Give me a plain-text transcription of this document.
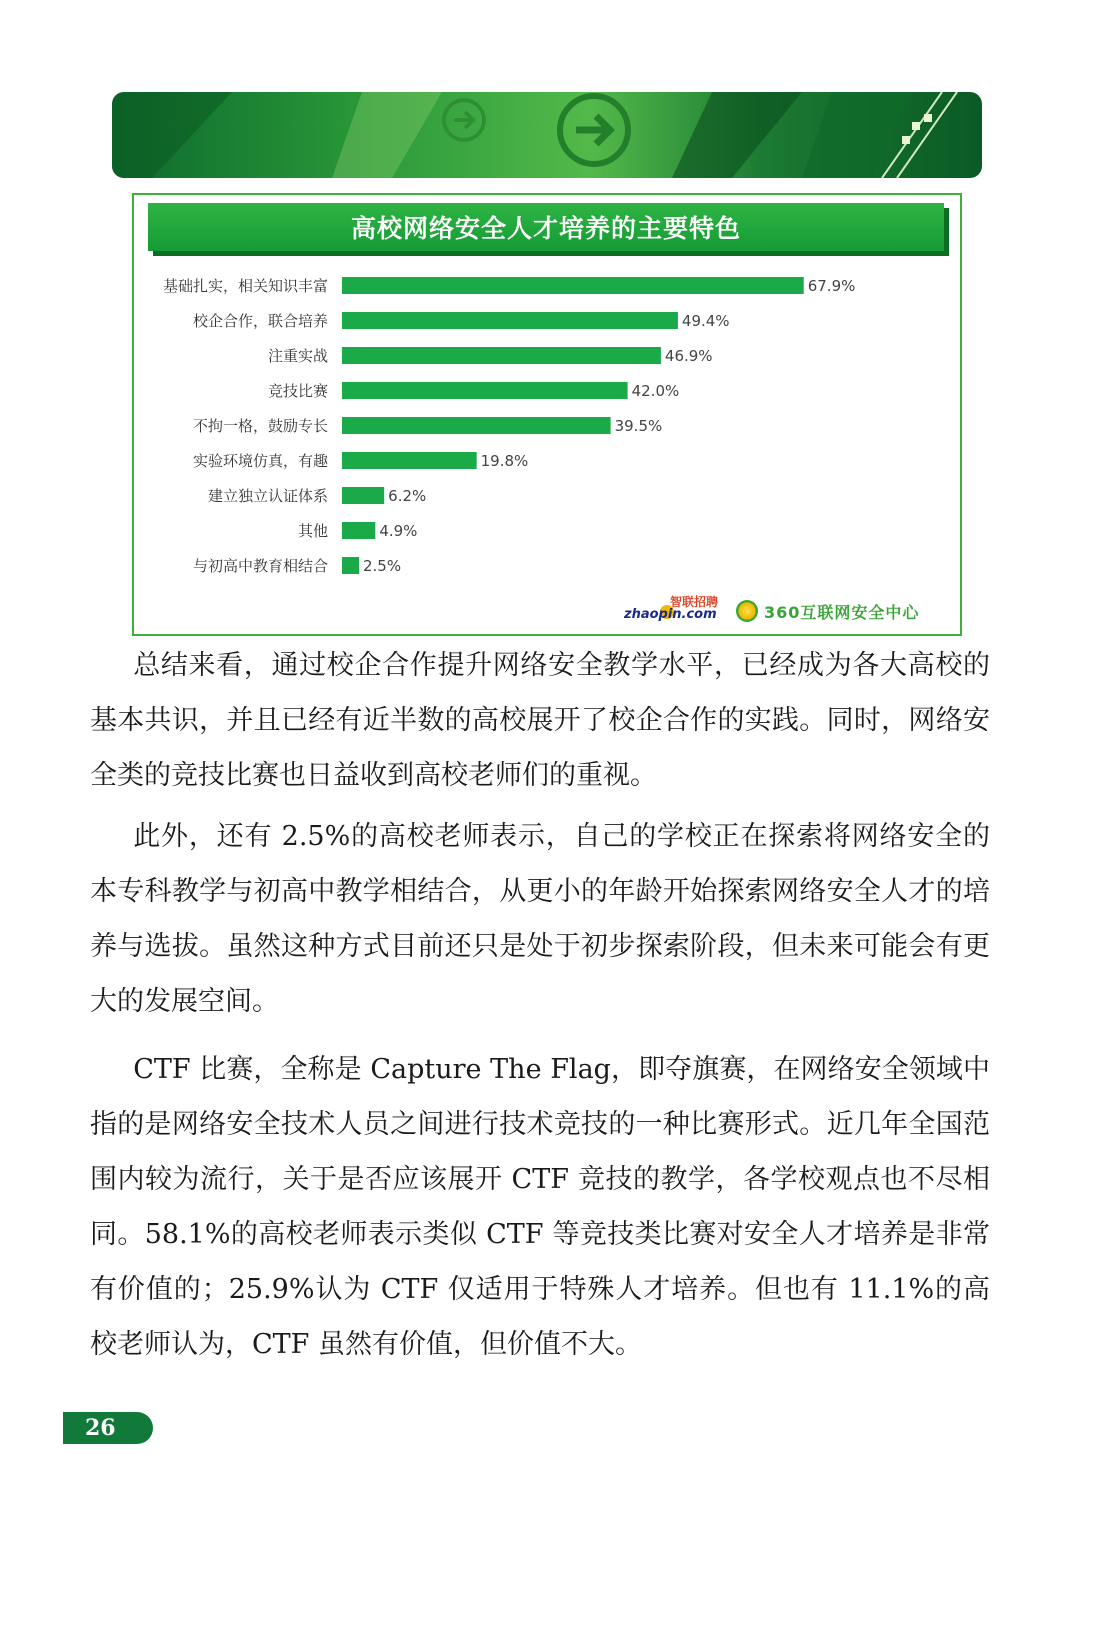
高校网络安全人才培养的主要特色
基础扎实，相关知识丰富	67.9%
校企合作，联合培养	49.4%
注重实战	46.9%
竞技比赛	42.0%
不拘一格，鼓励专长	39.5%
实验环境仿真，有趣	19.8%
建立独立认证体系	6.2%
其他	4.9%
与初高中教育相结合 2.5%
zhaopin.com
智联招聘
360互联网安全中心

总结来看，通过校企合作提升网络安全教学水平，已经成为各大高校的基本共识，并且已经有近半数的高校展开了校企合作的实践。同时，网络安全类的竞技比赛也日益收到高校老师们的重视。

此外，还有 2.5%的高校老师表示，自己的学校正在探索将网络安全的本专科教学与初高中教学相结合，从更小的年龄开始探索网络安全人才的培养与选拔。虽然这种方式目前还只是处于初步探索阶段，但未来可能会有更大的发展空间。

CTF 比赛，全称是 Capture The Flag，即夺旗赛，在网络安全领域中指的是网络安全技术人员之间进行技术竞技的一种比赛形式。近几年全国范围内较为流行，关于是否应该展开 CTF 竞技的教学，各学校观点也不尽相同。58.1%的高校老师表示类似 CTF 等竞技类比赛对安全人才培养是非常有价值的；25.9%认为 CTF 仅适用于特殊人才培养。但也有 11.1%的高校老师认为，CTF 虽然有价值，但价值不大。

26
